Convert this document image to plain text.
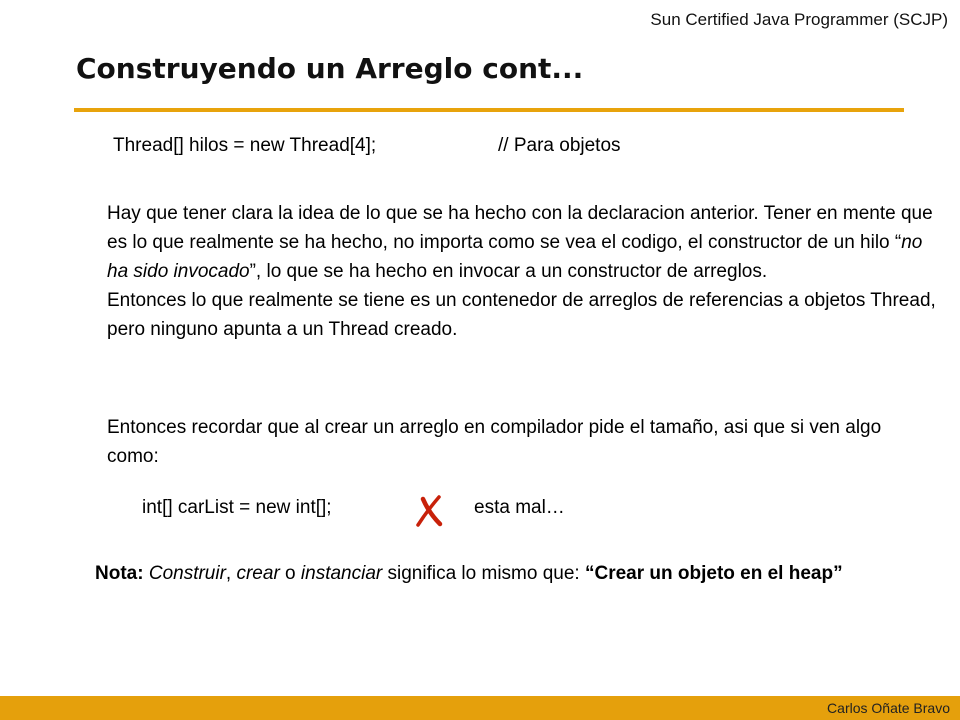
Sun Certified Java Programmer (SCJP)
Construyendo un Arreglo cont...
Thread[] hilos = new Thread[4];	// Para objetos

Hay que tener clara la idea de lo que se ha hecho con la declaracion anterior. Tener en mente que es lo que realmente se ha hecho, no importa como se vea el codigo, el constructor de un hilo “no ha sido invocado”, lo que se ha hecho en invocar a un constructor de arreglos.
Entonces lo que realmente se tiene es un contenedor de arreglos de referencias a objetos Thread, pero ninguno apunta a un Thread creado.

Entonces recordar que al crear un arreglo en compilador pide el tamaño, asi que si ven algo como:

int[] carList = new int[];	esta mal…

Nota: Construir, crear o instanciar significa lo mismo que: “Crear un objeto en el heap”

Carlos Oñate Bravo
